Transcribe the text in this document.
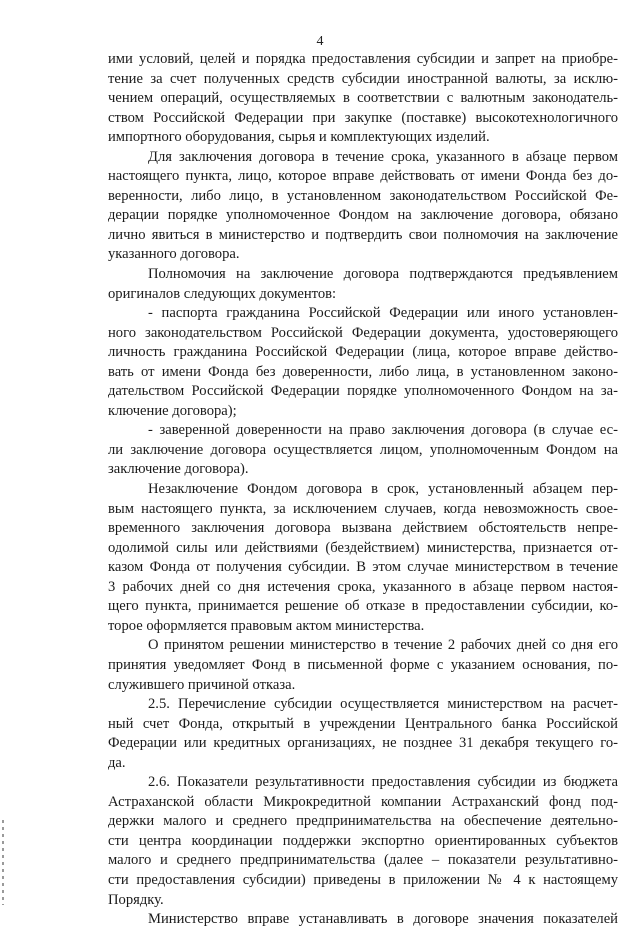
4
ими условий, целей и порядка предоставления субсидии и запрет на приобре-
тение за счет полученных средств субсидии иностранной валюты, за исклю-
чением операций, осуществляемых в соответствии с валютным законодатель-
ством Российской Федерации при закупке (поставке) высокотехнологичного
импортного оборудования, сырья и комплектующих изделий.
Для заключения договора в течение срока, указанного в абзаце первом
настоящего пункта, лицо, которое вправе действовать от имени Фонда без до-
веренности, либо лицо, в установленном законодательством Российской Фе-
дерации порядке уполномоченное Фондом на заключение договора, обязано
лично явиться в министерство и подтвердить свои полномочия на заключение
указанного договора.
Полномочия на заключение договора подтверждаются предъявлением
оригиналов следующих документов:
- паспорта гражданина Российской Федерации или иного установлен-
ного законодательством Российской Федерации документа, удостоверяющего
личность гражданина Российской Федерации (лица, которое вправе действо-
вать от имени Фонда без доверенности, либо лица, в установленном законо-
дательством Российской Федерации порядке уполномоченного Фондом на за-
ключение договора);
- заверенной доверенности на право заключения договора (в случае ес-
ли заключение договора осуществляется лицом, уполномоченным Фондом на
заключение договора).
Незаключение Фондом договора в срок, установленный абзацем пер-
вым настоящего пункта, за исключением случаев, когда невозможность свое-
временного заключения договора вызвана действием обстоятельств непре-
одолимой силы или действиями (бездействием) министерства, признается от-
казом Фонда от получения субсидии. В этом случае министерством в течение
3 рабочих дней со дня истечения срока, указанного в абзаце первом настоя-
щего пункта, принимается решение об отказе в предоставлении субсидии, ко-
торое оформляется правовым актом министерства.
О принятом решении министерство в течение 2 рабочих дней со дня его
принятия уведомляет Фонд в письменной форме с указанием основания, по-
служившего причиной отказа.
2.5. Перечисление субсидии осуществляется министерством на расчет-
ный счет Фонда, открытый в учреждении Центрального банка Российской
Федерации или кредитных организациях, не позднее 31 декабря текущего го-
да.
2.6. Показатели результативности предоставления субсидии из бюджета
Астраханской области Микрокредитной компании Астраханский фонд под-
держки малого и среднего предпринимательства на обеспечение деятельно-
сти центра координации поддержки экспортно ориентированных субъектов
малого и среднего предпринимательства (далее – показатели результативно-
сти предоставления субсидии) приведены в приложении № 4 к настоящему
Порядку.
Министерство вправе устанавливать в договоре значения показателей
